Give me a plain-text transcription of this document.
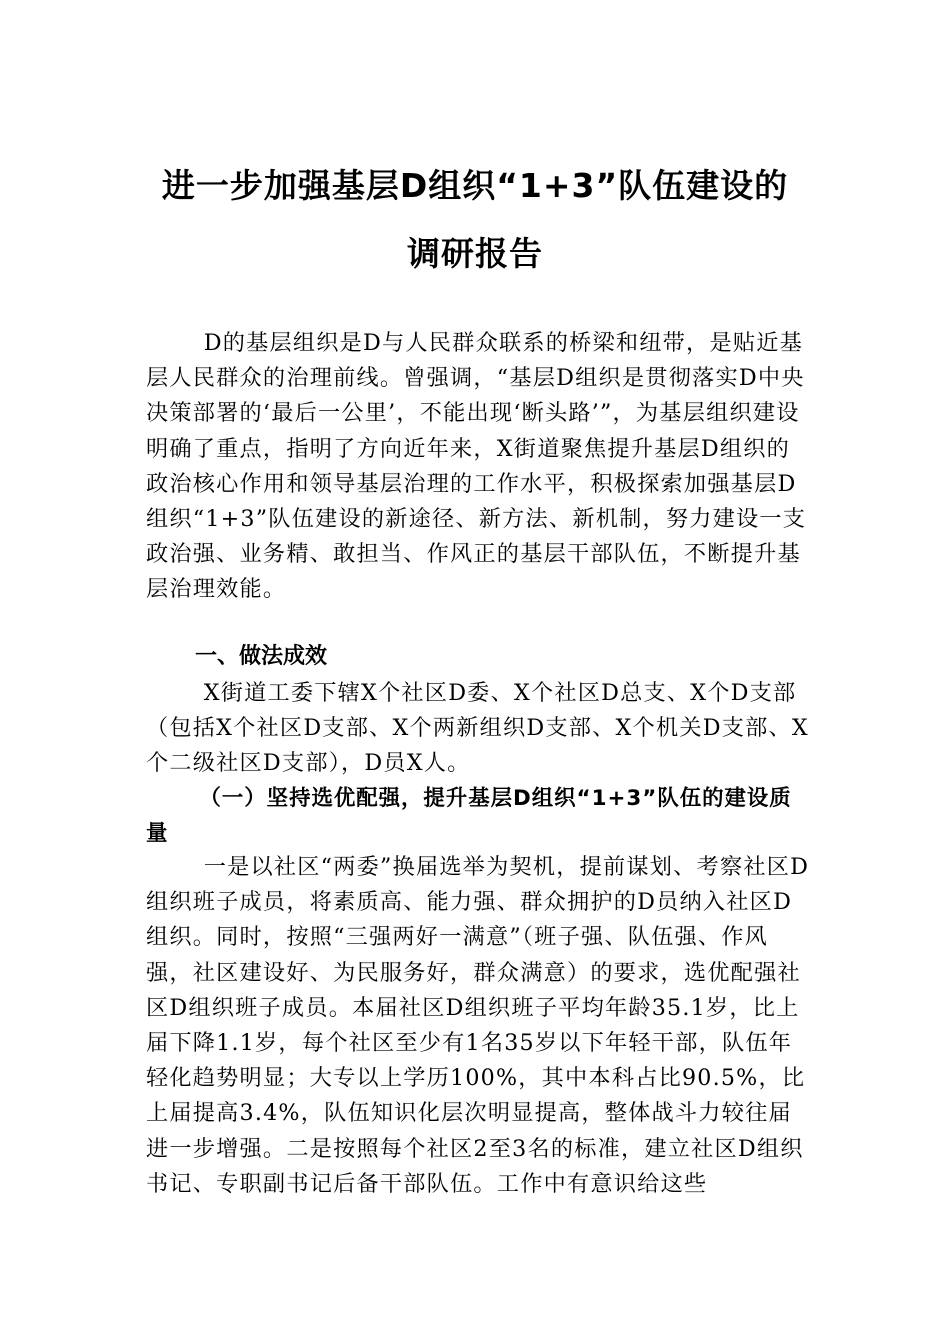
进一步加强基层D组织“1+3”队伍建设的
调研报告
D的基层组织是D与人民群众联系的桥梁和纽带，是贴近基层人民群众的治理前线。曾强调，“基层D组织是贯彻落实D中央决策部署的‘最后一公里’，不能出现‘断头路’”，为基层组织建设明确了重点，指明了方向近年来，X街道聚焦提升基层D组织的政治核心作用和领导基层治理的工作水平，积极探索加强基层D组织“1+3”队伍建设的新途径、新方法、新机制，努力建设一支政治强、业务精、敢担当、作风正的基层干部队伍，不断提升基层治理效能。
一、做法成效
X街道工委下辖X个社区D委、X个社区D总支、X个D支部（包括X个社区D支部、X个两新组织D支部、X个机关D支部、X个二级社区D支部），D员X人。
（一）坚持选优配强，提升基层D组织“1+3”队伍的建设质量
一是以社区“两委”换届选举为契机，提前谋划、考察社区D组织班子成员，将素质高、能力强、群众拥护的D员纳入社区D组织。同时，按照“三强两好一满意”（班子强、队伍强、作风强，社区建设好、为民服务好，群众满意）的要求，选优配强社区D组织班子成员。本届社区D组织班子平均年龄35.1岁，比上届下降1.1岁，每个社区至少有1名35岁以下年轻干部，队伍年轻化趋势明显；大专以上学历100%，其中本科占比90.5%，比上届提高3.4%，队伍知识化层次明显提高，整体战斗力较往届进一步增强。二是按照每个社区2至3名的标准，建立社区D组织书记、专职副书记后备干部队伍。工作中有意识给这些
